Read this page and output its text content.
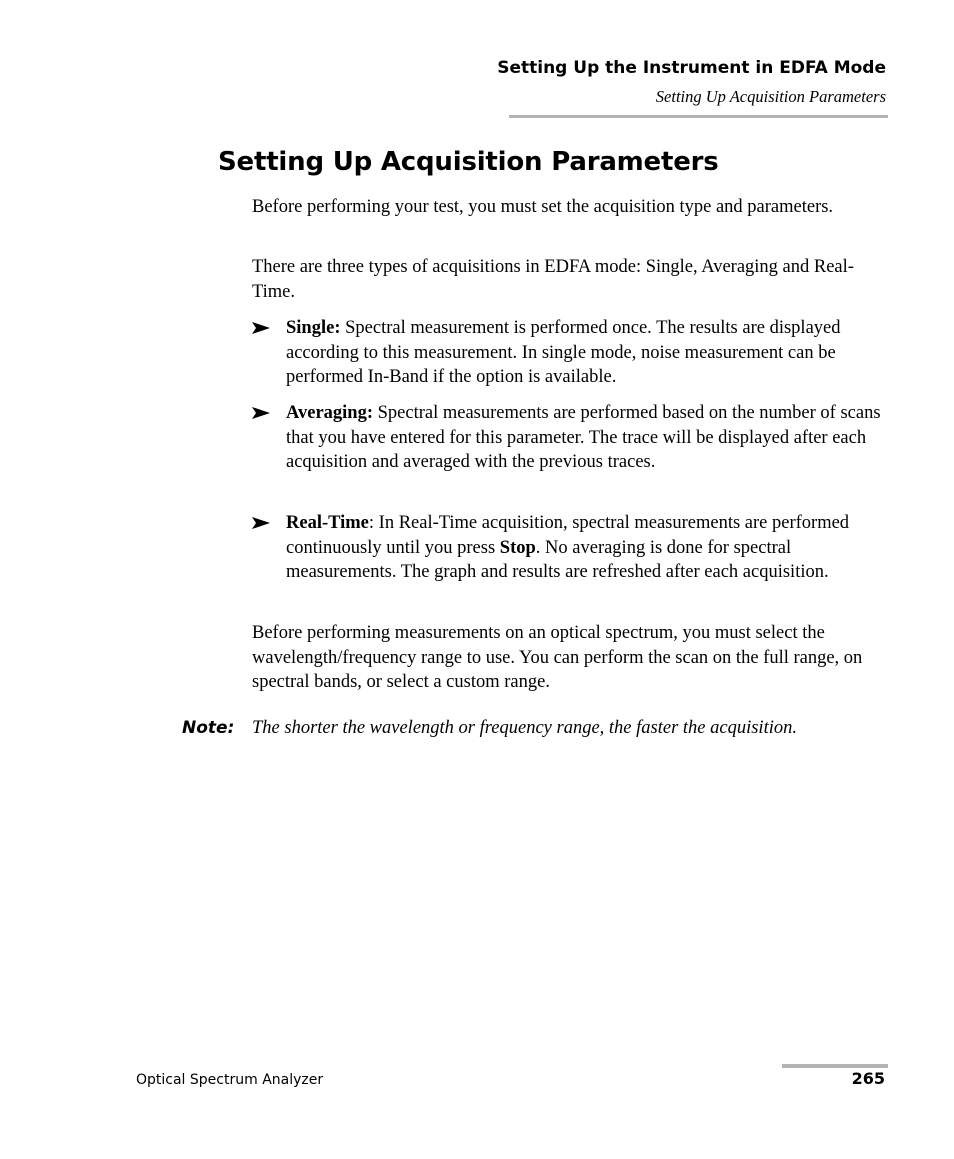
Setting Up the Instrument in EDFA Mode
Setting Up Acquisition Parameters
Setting Up Acquisition Parameters

Before performing your test, you must set the acquisition type and parameters.

There are three types of acquisitions in EDFA mode: Single, Averaging and Real-Time.

Single: Spectral measurement is performed once. The results are displayed according to this measurement. In single mode, noise measurement can be performed In-Band if the option is available.
Averaging: Spectral measurements are performed based on the number of scans that you have entered for this parameter. The trace will be displayed after each acquisition and averaged with the previous traces.
Real-Time: In Real-Time acquisition, spectral measurements are performed continuously until you press Stop. No averaging is done for spectral measurements. The graph and results are refreshed after each acquisition.

Before performing measurements on an optical spectrum, you must select the wavelength/frequency range to use. You can perform the scan on the full range, on spectral bands, or select a custom range.

Note: The shorter the wavelength or frequency range, the faster the acquisition.
Optical Spectrum Analyzer	265
